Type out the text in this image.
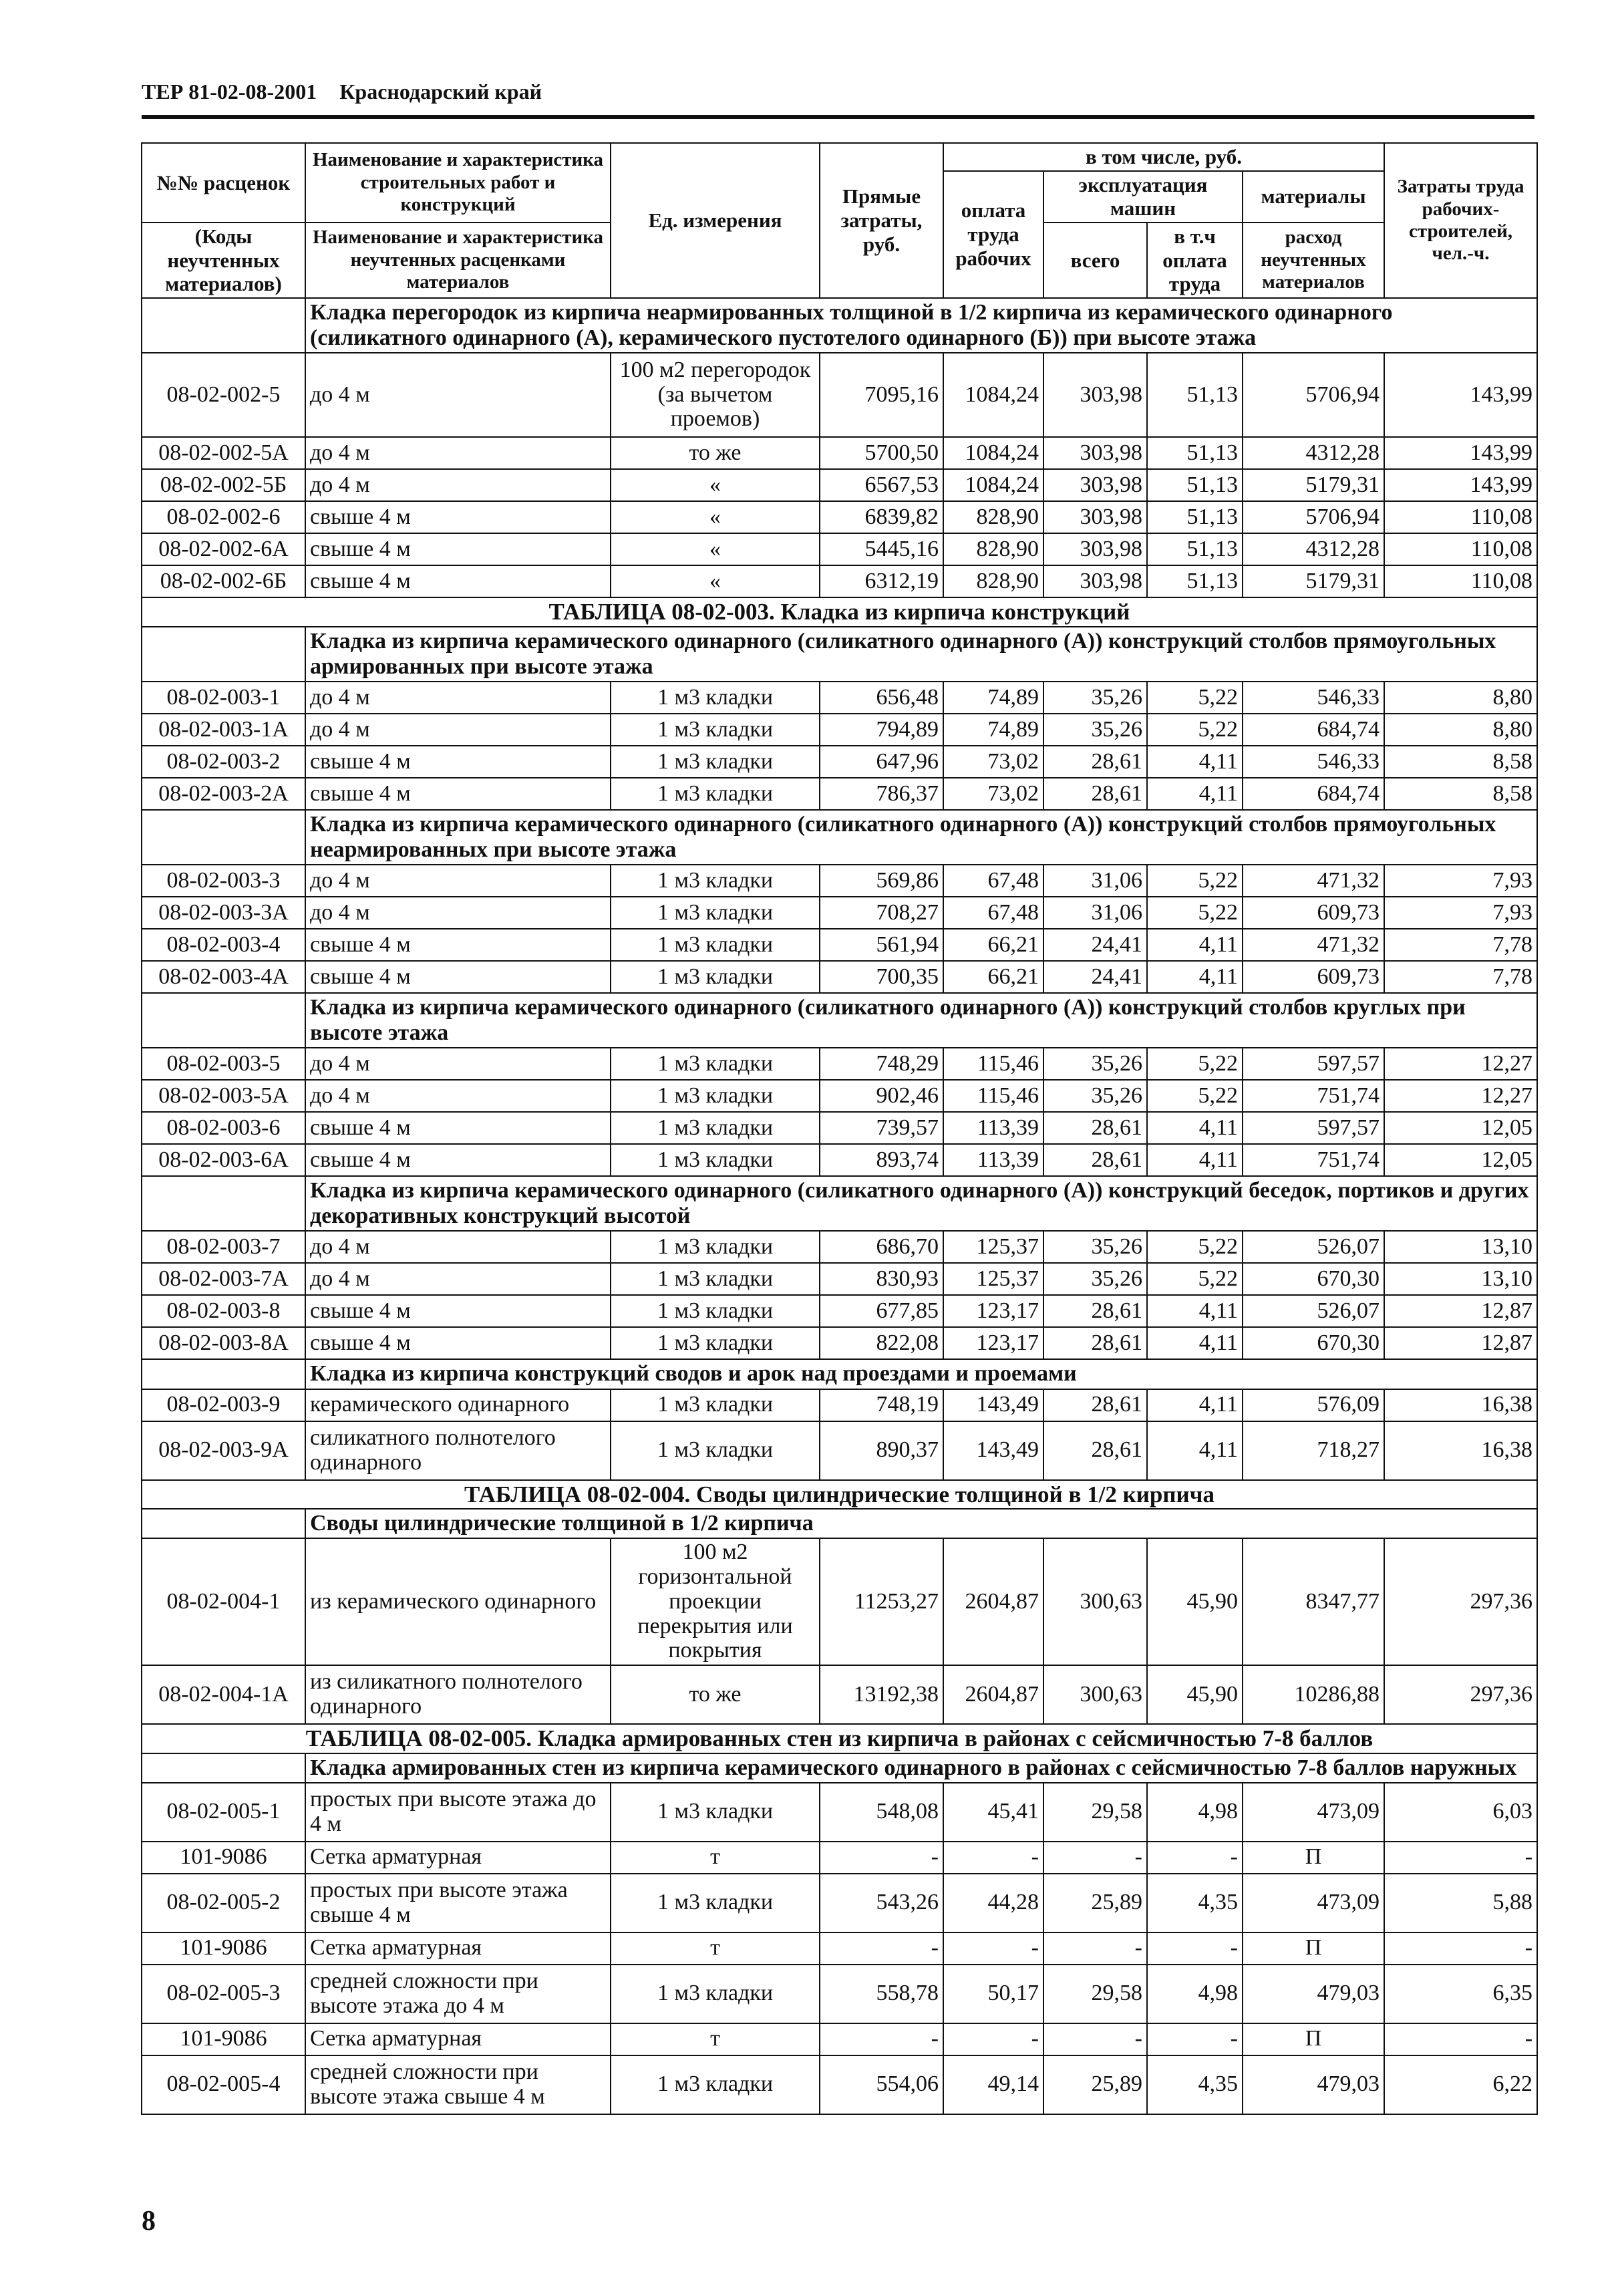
ТЕР 81-02-08-2001 Краснодарский край
№№ расценок	Наименование и характеристика строительных работ и конструкций	Ед. измерения	Прямые затраты, руб.	в том числе, руб.				Затраты труда рабочих-строителей, чел.-ч.
				оплата труда рабочих	эксплуатация машин		материалы	
					всего	в т.ч оплата труда		
(Коды неучтенных материалов)	Наименование и характеристика неучтенных расценками материалов						расход неучтенных материалов	

	Кладка перегородок из кирпича неармированных толщиной в 1/2 кирпича из керамического одинарного (силикатного одинарного (А), керамического пустотелого одинарного (Б)) при высоте этажа							
08-02-002-5	до 4 м	100 м2 перегородок (за вычетом проемов)	7095,16	1084,24	303,98	51,13	5706,94	143,99
08-02-002-5А	до 4 м	то же	5700,50	1084,24	303,98	51,13	4312,28	143,99
08-02-002-5Б	до 4 м	«	6567,53	1084,24	303,98	51,13	5179,31	143,99
08-02-002-6	свыше 4 м	«	6839,82	828,90	303,98	51,13	5706,94	110,08
08-02-002-6А	свыше 4 м	«	5445,16	828,90	303,98	51,13	4312,28	110,08
08-02-002-6Б	свыше 4 м	«	6312,19	828,90	303,98	51,13	5179,31	110,08
ТАБЛИЦА 08-02-003. Кладка из кирпича конструкций								
	Кладка из кирпича керамического одинарного (силикатного одинарного (А)) конструкций столбов прямоугольных армированных при высоте этажа							
08-02-003-1	до 4 м	1 м3 кладки	656,48	74,89	35,26	5,22	546,33	8,80
08-02-003-1А	до 4 м	1 м3 кладки	794,89	74,89	35,26	5,22	684,74	8,80
08-02-003-2	свыше 4 м	1 м3 кладки	647,96	73,02	28,61	4,11	546,33	8,58
08-02-003-2А	свыше 4 м	1 м3 кладки	786,37	73,02	28,61	4,11	684,74	8,58
	Кладка из кирпича керамического одинарного (силикатного одинарного (А)) конструкций столбов прямоугольных неармированных при высоте этажа							
08-02-003-3	до 4 м	1 м3 кладки	569,86	67,48	31,06	5,22	471,32	7,93
08-02-003-3А	до 4 м	1 м3 кладки	708,27	67,48	31,06	5,22	609,73	7,93
08-02-003-4	свыше 4 м	1 м3 кладки	561,94	66,21	24,41	4,11	471,32	7,78
08-02-003-4А	свыше 4 м	1 м3 кладки	700,35	66,21	24,41	4,11	609,73	7,78
	Кладка из кирпича керамического одинарного (силикатного одинарного (А)) конструкций столбов круглых при высоте этажа							
08-02-003-5	до 4 м	1 м3 кладки	748,29	115,46	35,26	5,22	597,57	12,27
08-02-003-5А	до 4 м	1 м3 кладки	902,46	115,46	35,26	5,22	751,74	12,27
08-02-003-6	свыше 4 м	1 м3 кладки	739,57	113,39	28,61	4,11	597,57	12,05
08-02-003-6А	свыше 4 м	1 м3 кладки	893,74	113,39	28,61	4,11	751,74	12,05
	Кладка из кирпича керамического одинарного (силикатного одинарного (А)) конструкций беседок, портиков и других декоративных конструкций высотой							
08-02-003-7	до 4 м	1 м3 кладки	686,70	125,37	35,26	5,22	526,07	13,10
08-02-003-7А	до 4 м	1 м3 кладки	830,93	125,37	35,26	5,22	670,30	13,10
08-02-003-8	свыше 4 м	1 м3 кладки	677,85	123,17	28,61	4,11	526,07	12,87
08-02-003-8А	свыше 4 м	1 м3 кладки	822,08	123,17	28,61	4,11	670,30	12,87
	Кладка из кирпича конструкций сводов и арок над проездами и проемами							
08-02-003-9	керамического одинарного	1 м3 кладки	748,19	143,49	28,61	4,11	576,09	16,38
08-02-003-9А	силикатного полнотелого одинарного	1 м3 кладки	890,37	143,49	28,61	4,11	718,27	16,38
ТАБЛИЦА 08-02-004. Своды цилиндрические толщиной в 1/2 кирпича								
	Своды цилиндрические толщиной в 1/2 кирпича							
08-02-004-1	из керамического одинарного	100 м2 горизонтальной проекции перекрытия или покрытия	11253,27	2604,87	300,63	45,90	8347,77	297,36
08-02-004-1А	из силикатного полнотелого одинарного	то же	13192,38	2604,87	300,63	45,90	10286,88	297,36
ТАБЛИЦА 08-02-005. Кладка армированных стен из кирпича в районах с сейсмичностью 7-8 баллов								
	Кладка армированных стен из кирпича керамического одинарного в районах с сейсмичностью 7-8 баллов наружных							
08-02-005-1	простых при высоте этажа до 4 м	1 м3 кладки	548,08	45,41	29,58	4,98	473,09	6,03
101-9086	Сетка арматурная	т	-	-	-	-	П	-
08-02-005-2	простых при высоте этажа свыше 4 м	1 м3 кладки	543,26	44,28	25,89	4,35	473,09	5,88
101-9086	Сетка арматурная	т	-	-	-	-	П	-
08-02-005-3	средней сложности при высоте этажа до 4 м	1 м3 кладки	558,78	50,17	29,58	4,98	479,03	6,35
101-9086	Сетка арматурная	т	-	-	-	-	П	-
08-02-005-4	средней сложности при высоте этажа свыше 4 м	1 м3 кладки	554,06	49,14	25,89	4,35	479,03	6,22
8
